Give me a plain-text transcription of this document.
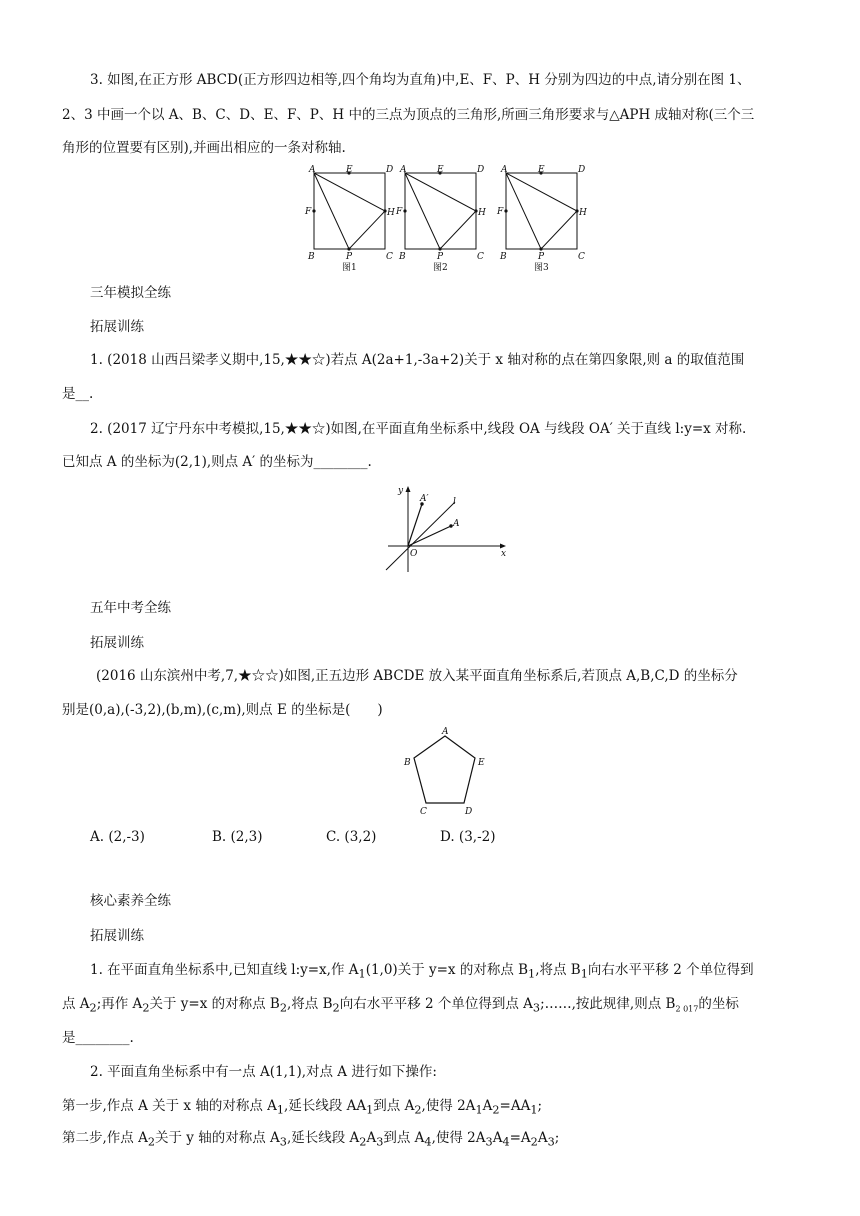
3. 如图,在正方形 ABCD(正方形四边相等,四个角均为直角)中,E、F、P、H 分别为四边的中点,请分别在图 1、
2、3 中画一个以 A、B、C、D、E、F、P、H 中的三点为顶点的三角形,所画三角形要求与△APH 成轴对称(三个三
角形的位置要有区别),并画出相应的一条对称轴.
A	E	D
F	H
B	P	C
图1
A	E	D
F	H
B	P	C
图2
A	E	D
F	H
B	P	C
图3
三年模拟全练
拓展训练
1. (2018 山西吕梁孝义期中,15,★★☆)若点 A(2a+1,-3a+2)关于 x 轴对称的点在第四象限,则 a 的取值范围
是__.
2. (2017 辽宁丹东中考模拟,15,★★☆)如图,在平面直角坐标系中,线段 OA 与线段 OA′ 关于直线 l:y=x 对称.
已知点 A 的坐标为(2,1),则点 A′ 的坐标为________.
y
x
O
A
A′	l
五年中考全练
拓展训练
(2016 山东滨州中考,7,★☆☆)如图,正五边形 ABCDE 放入某平面直角坐标系后,若顶点 A,B,C,D 的坐标分
别是(0,a),(-3,2),(b,m),(c,m),则点 E 的坐标是(　　)
A
B
C	D
E
A. (2,-3)	B. (2,3)	C. (3,2)	D. (3,-2)
核心素养全练
拓展训练
1. 在平面直角坐标系中,已知直线 l:y=x,作 $A_1(1,0)$关于 y=x 的对称点 $B_1$,将点 $B_1$向右水平平移 2 个单位得到
点 $A_2$;再作 $A_2$关于 y=x 的对称点 $B_2$,将点 $B_2$向右水平平移 2 个单位得到点 $A_3;\dots\dots$,按此规律,则点 $B_{2 017}$的坐标
是________.
2. 平面直角坐标系中有一点 A(1,1),对点 A 进行如下操作:
第一步,作点 A 关于 x 轴的对称点 $A_1$,延长线段 $AA_1$到点 $A_2$,使得 $2A_1A_2=AA_1$;
第二步,作点 $A_2$关于 y 轴的对称点 $A_3$,延长线段 $A_2A_3$到点 $A_4$,使得 $2A_3A_4=A_2A_3$;
